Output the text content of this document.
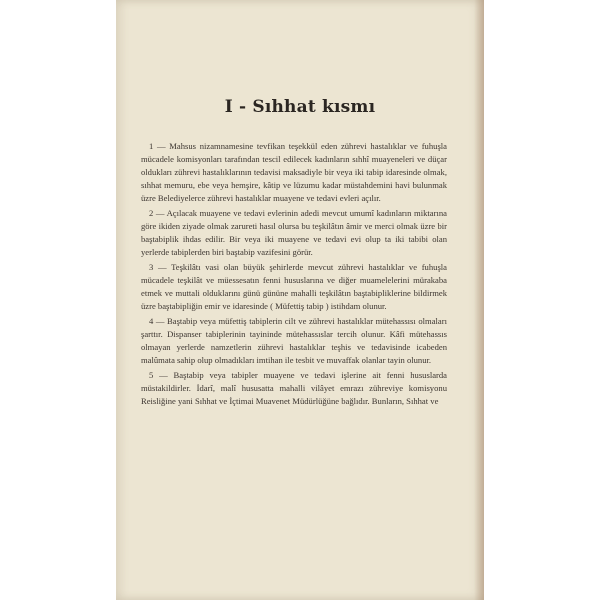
I - Sıhhat kısmı

1 — Mahsus nizamnamesine tevfikan teşekkül eden zührevi hastalıklar ve fuhuşla mücadele komisyonları tarafından tescil edilecek kadınların sıhhî muayeneleri ve düçar oldukları zührevi hastalıklarının tedavisi maksadiyle bir veya iki tabip idaresinde olmak, sıhhat memuru, ebe veya hemşire, kâtip ve lüzumu kadar müstahdemini havi bulunmak üzre Belediyelerce zührevi hastalıklar muayene ve tedavi evleri açılır.

2 — Açılacak muayene ve tedavi evlerinin adedi mevcut umumî kadınların miktarına göre ikiden ziyade olmak zarureti hasıl olursa bu teşkilâtın âmir ve merci olmak üzre bir baştabiplik ihdas edilir. Bir veya iki muayene ve tedavi evi olup ta iki tabibi olan yerlerde tabiplerden biri baştabip vazifesini görür.

3 — Teşkilâtı vasi olan büyük şehirlerde mevcut zührevi hastalıklar ve fuhuşla mücadele teşkilât ve müessesatın fenni hususlarına ve diğer muamelelerini mürakaba etmek ve muttali olduklarını günü gününe mahalli teşkilâtın baştabipliklerine bildirmek üzre baştabipliğin emir ve idaresinde ( Müfettiş tabip ) istihdam olunur.

4 — Baştabip veya müfettiş tabiplerin cilt ve zührevi hastalıklar mütehassısı olmaları şarttır. Dispanser tabiplerinin tayininde mütehassıslar tercih olunur. Kâfi mütehassıs olmayan yerlerde namzetlerin zührevi hastalıklar teşhis ve tedavisinde icabeden malûmata sahip olup olmadıkları imtihan ile tesbit ve muvaffak olanlar tayin olunur.

5 — Baştabip veya tabipler muayene ve tedavi işlerine ait fenni hususlarda müstakildirler. İdarî, malî hususatta mahalli vilâyet emrazı zühreviye komisyonu Reisliğine yani Sıhhat ve İçtimai Muavenet Müdürlüğüne bağlıdır. Bunların, Sıhhat ve
